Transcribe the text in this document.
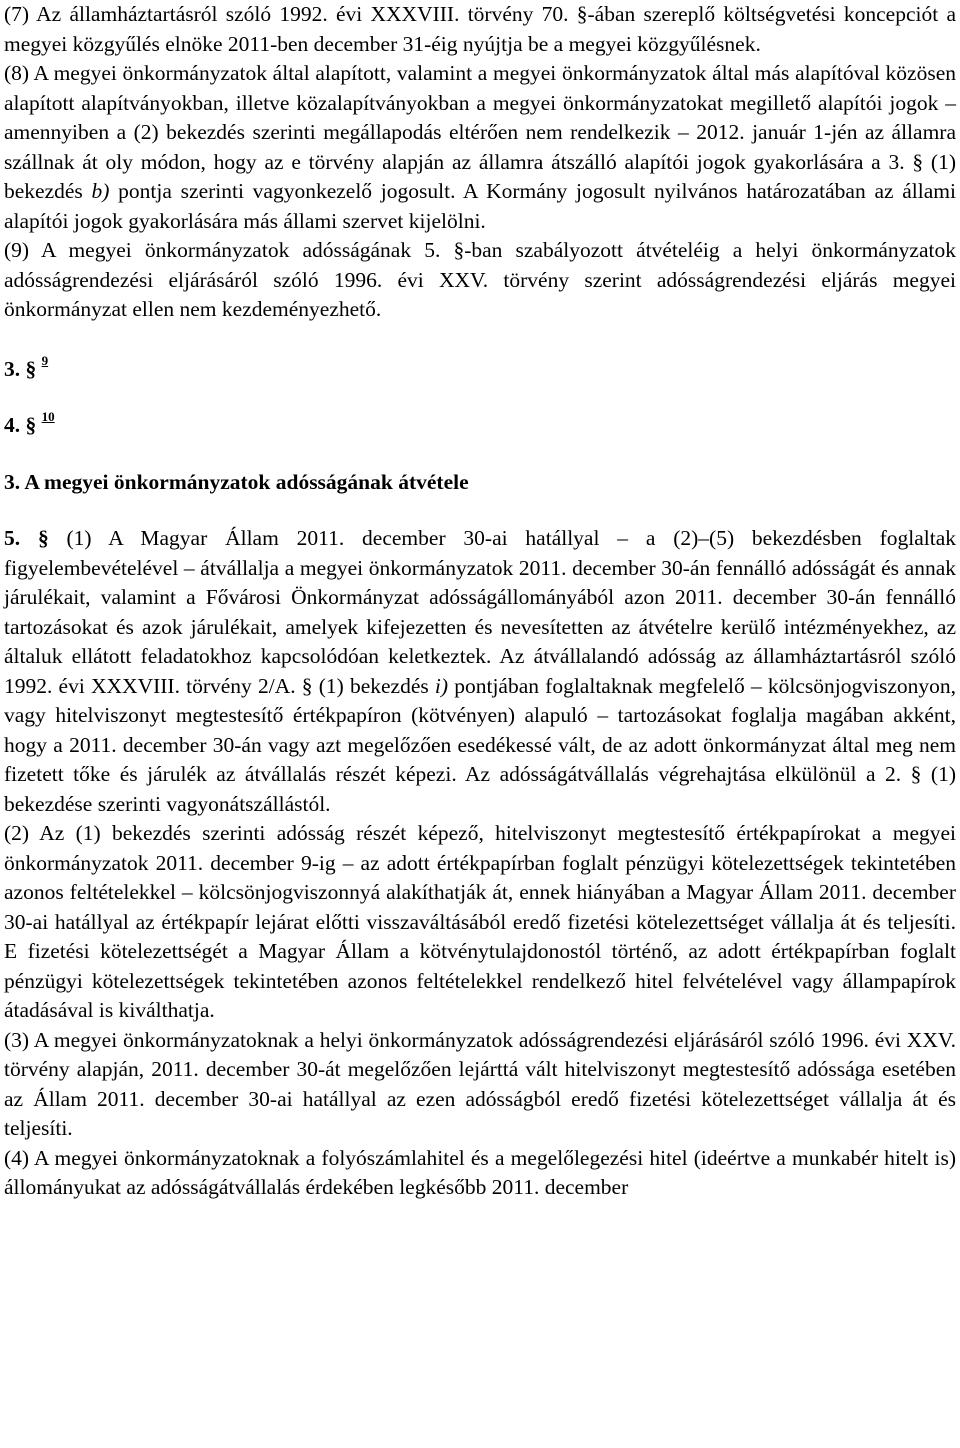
(7) Az államháztartásról szóló 1992. évi XXXVIII. törvény 70. §-ában szereplő költségvetési koncepciót a megyei közgyűlés elnöke 2011-ben december 31-éig nyújtja be a megyei közgyűlésnek.

(8) A megyei önkormányzatok által alapított, valamint a megyei önkormányzatok által más alapítóval közösen alapított alapítványokban, illetve közalapítványokban a megyei önkormányzatokat megillető alapítói jogok – amennyiben a (2) bekezdés szerinti megállapodás eltérően nem rendelkezik – 2012. január 1-jén az államra szállnak át oly módon, hogy az e törvény alapján az államra átszálló alapítói jogok gyakorlására a 3. § (1) bekezdés b) pontja szerinti vagyonkezelő jogosult. A Kormány jogosult nyilvános határozatában az állami alapítói jogok gyakorlására más állami szervet kijelölni.

(9) A megyei önkormányzatok adósságának 5. §-ban szabályozott átvételéig a helyi önkormányzatok adósságrendezési eljárásáról szóló 1996. évi XXV. törvény szerint adósságrendezési eljárás megyei önkormányzat ellen nem kezdeményezhető.

3. § $^9$

4. § $^{10}$

3. A megyei önkormányzatok adósságának átvétele

5. § (1) A Magyar Állam 2011. december 30-ai hatállyal – a (2)–(5) bekezdésben foglaltak figyelembevételével – átvállalja a megyei önkormányzatok 2011. december 30-án fennálló adósságát és annak járulékait, valamint a Fővárosi Önkormányzat adósságállományából azon 2011. december 30-án fennálló tartozásokat és azok járulékait, amelyek kifejezetten és nevesítetten az átvételre kerülő intézményekhez, az általuk ellátott feladatokhoz kapcsolódóan keletkeztek. Az átvállalandó adósság az államháztartásról szóló 1992. évi XXXVIII. törvény 2/A. § (1) bekezdés i) pontjában foglaltaknak megfelelő – kölcsönjogviszonyon, vagy hitelviszonyt megtestesítő értékpapíron (kötvényen) alapuló – tartozásokat foglalja magában akként, hogy a 2011. december 30-án vagy azt megelőzően esedékessé vált, de az adott önkormányzat által meg nem fizetett tőke és járulék az átvállalás részét képezi. Az adósságátvállalás végrehajtása elkülönül a 2. § (1) bekezdése szerinti vagyonátszállástól.

(2) Az (1) bekezdés szerinti adósság részét képező, hitelviszonyt megtestesítő értékpapírokat a megyei önkormányzatok 2011. december 9-ig – az adott értékpapírban foglalt pénzügyi kötelezettségek tekintetében azonos feltételekkel – kölcsönjogviszonnyá alakíthatják át, ennek hiányában a Magyar Állam 2011. december 30-ai hatállyal az értékpapír lejárat előtti visszaváltásából eredő fizetési kötelezettséget vállalja át és teljesíti. E fizetési kötelezettségét a Magyar Állam a kötvénytulajdonostól történő, az adott értékpapírban foglalt pénzügyi kötelezettségek tekintetében azonos feltételekkel rendelkező hitel felvételével vagy állampapírok átadásával is kiválthatja.

(3) A megyei önkormányzatoknak a helyi önkormányzatok adósságrendezési eljárásáról szóló 1996. évi XXV. törvény alapján, 2011. december 30-át megelőzően lejárttá vált hitelviszonyt megtestesítő adóssága esetében az Állam 2011. december 30-ai hatállyal az ezen adósságból eredő fizetési kötelezettséget vállalja át és teljesíti.

(4) A megyei önkormányzatoknak a folyószámlahitel és a megelőlegezési hitel (ideértve a munkabér hitelt is) állományukat az adósságátvállalás érdekében legkésőbb 2011. december
